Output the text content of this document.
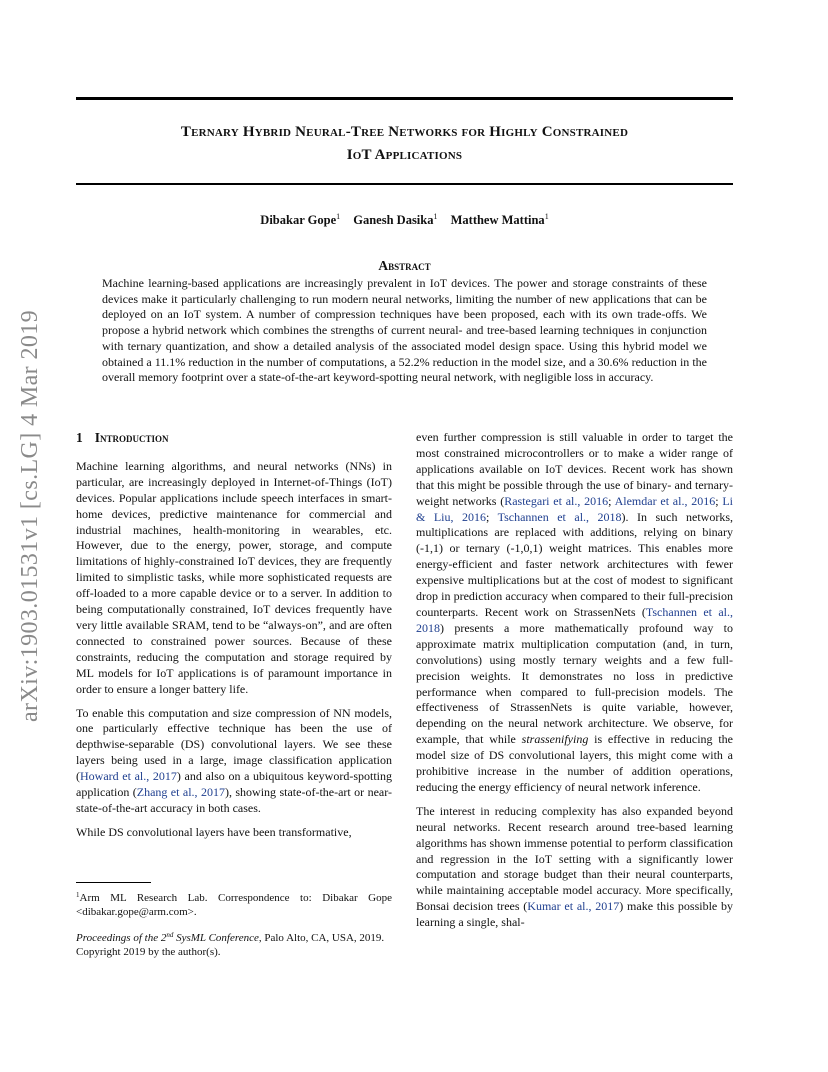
Ternary Hybrid Neural-Tree Networks for Highly Constrained
IoT Applications
Dibakar Gope$^1$ Ganesh Dasika$^1$ Matthew Mattina$^1$
Abstract
Machine learning-based applications are increasingly prevalent in IoT devices. The power and storage constraints of these devices make it particularly challenging to run modern neural networks, limiting the number of new applications that can be deployed on an IoT system. A number of compression techniques have been proposed, each with its own trade-offs. We propose a hybrid network which combines the strengths of current neural- and tree-based learning techniques in conjunction with ternary quantization, and show a detailed analysis of the associated model design space. Using this hybrid model we obtained a 11.1% reduction in the number of computations, a 52.2% reduction in the model size, and a 30.6% reduction in the overall memory footprint over a state-of-the-art keyword-spotting neural network, with negligible loss in accuracy.
arXiv:1903.01531v1 [cs.LG] 4 Mar 2019	1 Introduction

Machine learning algorithms, and neural networks (NNs) in particular, are increasingly deployed in Internet-of-Things (IoT) devices. Popular applications include speech interfaces in smart-home devices, predictive maintenance for commercial and industrial machines, health-monitoring in wearables, etc. However, due to the energy, power, storage, and compute limitations of highly-constrained IoT devices, they are frequently limited to simplistic tasks, while more sophisticated requests are off-loaded to a more capable device or to a server. In addition to being computationally constrained, IoT devices frequently have very little available SRAM, tend to be “always-on”, and are often connected to constrained power sources. Because of these constraints, reducing the computation and storage required by ML models for IoT applications is of paramount importance in order to ensure a longer battery life.

To enable this computation and size compression of NN models, one particularly effective technique has been the use of depthwise-separable (DS) convolutional layers. We see these layers being used in a large, image classification application (Howard et al., 2017) and also on a ubiquitous keyword-spotting application (Zhang et al., 2017), showing state-of-the-art or near-state-of-the-art accuracy in both cases.

While DS convolutional layers have been transformative,

$^1$Arm ML Research Lab. Correspondence to: Dibakar Gope <dibakar.gope@arm.com>.
Proceedings of the 2nd SysML Conference, Palo Alto, CA, USA, 2019. Copyright 2019 by the author(s).

even further compression is still valuable in order to target the most constrained microcontrollers or to make a wider range of applications available on IoT devices. Recent work has shown that this might be possible through the use of binary- and ternary-weight networks (Rastegari et al., 2016; Alemdar et al., 2016; Li & Liu, 2016; Tschannen et al., 2018). In such networks, multiplications are replaced with additions, relying on binary (-1,1) or ternary (-1,0,1) weight matrices. This enables more energy-efficient and faster network architectures with fewer expensive multiplications but at the cost of modest to significant drop in prediction accuracy when compared to their full-precision counterparts. Recent work on StrassenNets (Tschannen et al., 2018) presents a more mathematically profound way to approximate matrix multiplication computation (and, in turn, convolutions) using mostly ternary weights and a few full-precision weights. It demonstrates no loss in predictive performance when compared to full-precision models. The effectiveness of StrassenNets is quite variable, however, depending on the neural network architecture. We observe, for example, that while strassenifying is effective in reducing the model size of DS convolutional layers, this might come with a prohibitive increase in the number of addition operations, reducing the energy efficiency of neural network inference.

The interest in reducing complexity has also expanded beyond neural networks. Recent research around tree-based learning algorithms has shown immense potential to perform classification and regression in the IoT setting with a significantly lower computation and storage budget than their neural counterparts, while maintaining acceptable model accuracy. More specifically, Bonsai decision trees (Kumar et al., 2017) make this possible by learning a single, shal-
